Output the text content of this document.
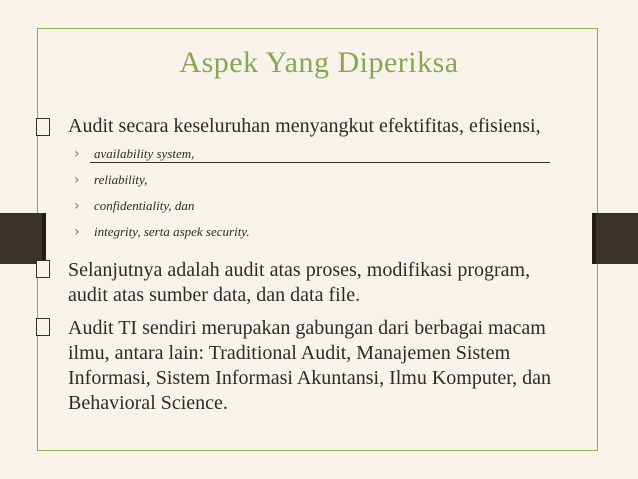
Aspek Yang Diperiksa
Audit secara keseluruhan menyangkut efektifitas, efisiensi,
›	availability system,
›	reliability,
›	confidentiality, dan
›	integrity, serta aspek security.
Selanjutnya adalah audit atas proses, modifikasi program,
audit atas sumber data, dan data file.
Audit TI sendiri merupakan gabungan dari berbagai macam
ilmu, antara lain: Traditional Audit, Manajemen Sistem
Informasi, Sistem Informasi Akuntansi, Ilmu Komputer, dan
Behavioral Science.
